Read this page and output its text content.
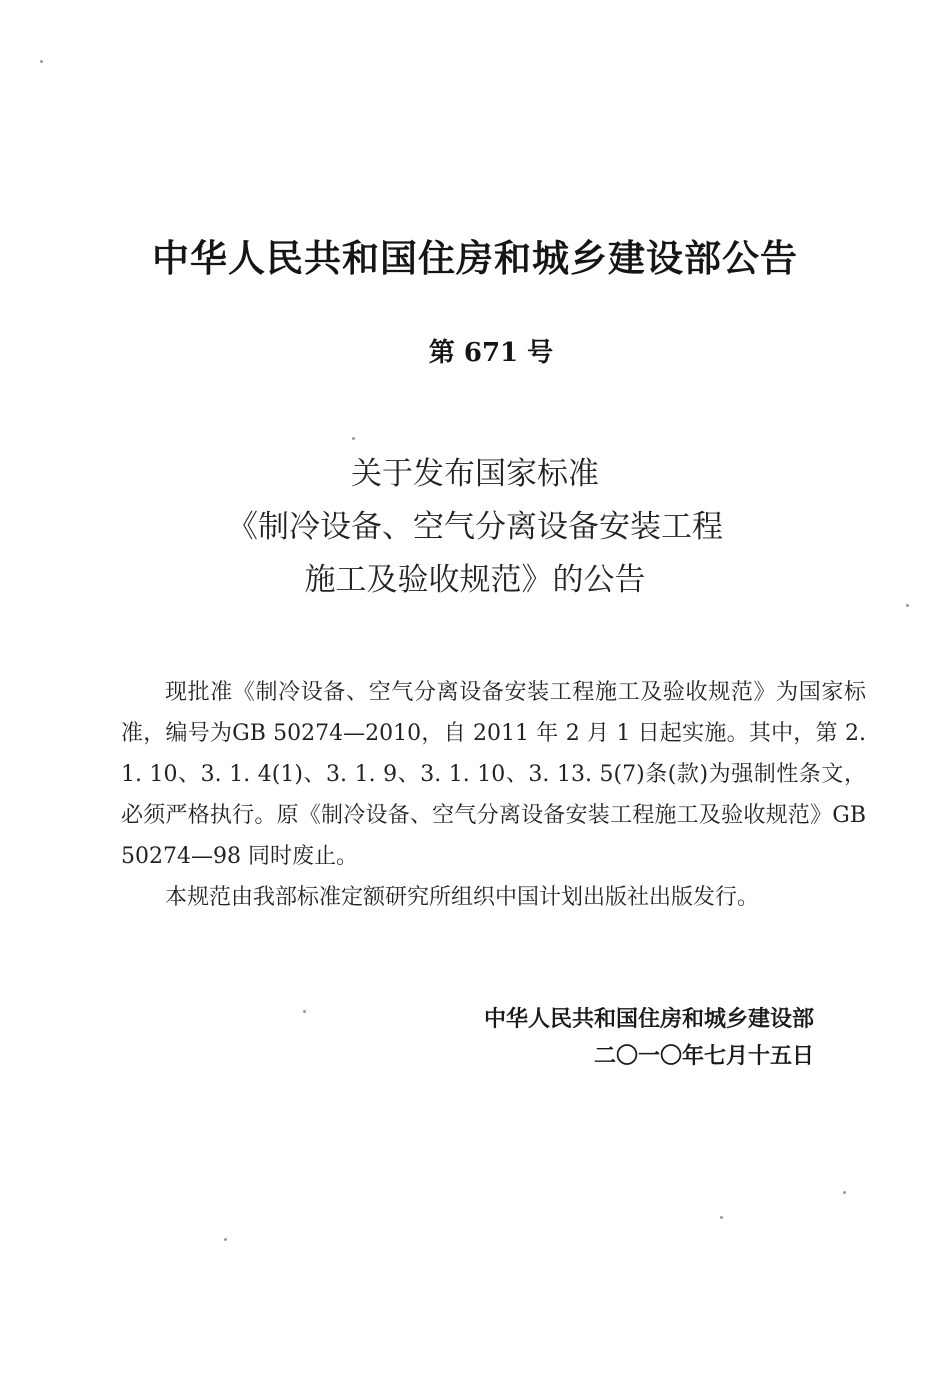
中华人民共和国住房和城乡建设部公告
第 671 号
关于发布国家标准
《制冷设备、空气分离设备安装工程
施工及验收规范》的公告

现批准《制冷设备、空气分离设备安装工程施工及验收规范》为国家标准，编号为GB 50274—2010，自 2011 年 2 月 1 日起实施。其中，第 2. 1. 10、3. 1. 4(1)、3. 1. 9、3. 1. 10、3. 13. 5(7)条(款)为强制性条文，必须严格执行。原《制冷设备、空气分离设备安装工程施工及验收规范》GB 50274—98 同时废止。

本规范由我部标准定额研究所组织中国计划出版社出版发行。

中华人民共和国住房和城乡建设部
二〇一〇年七月十五日
